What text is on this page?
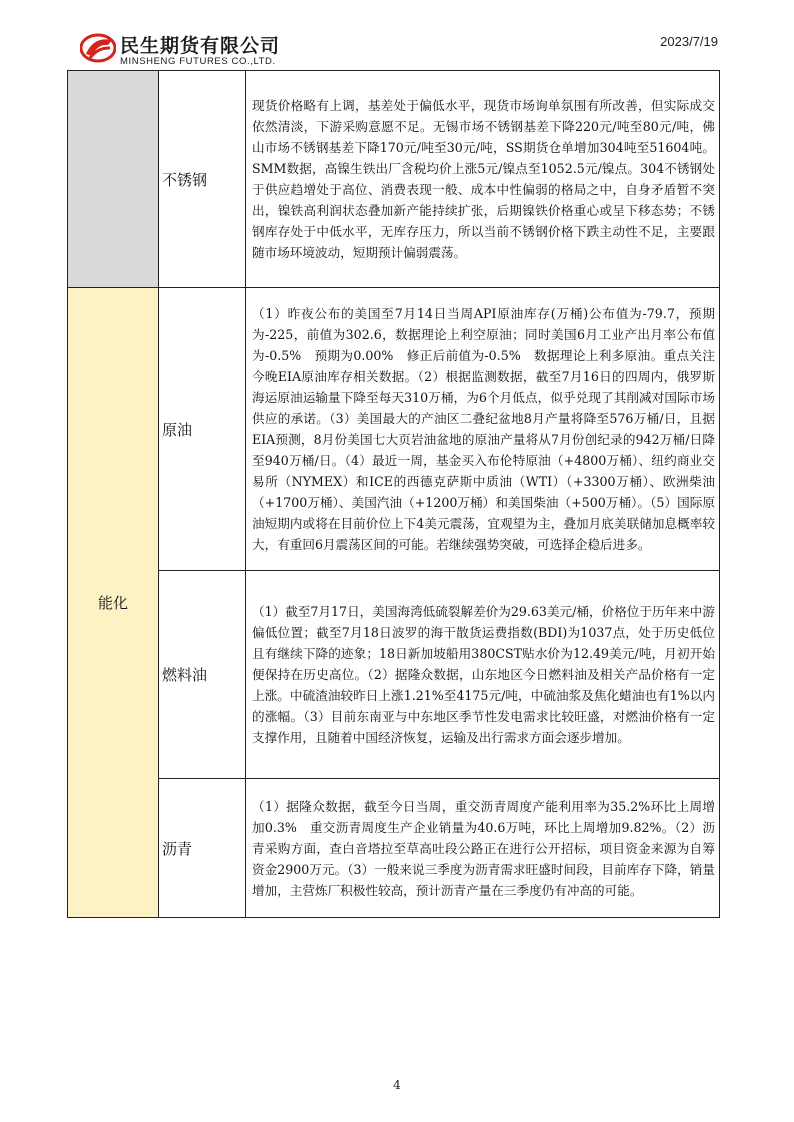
民生期货有限公司
MINSHENG FUTURES CO.,LTD.
2023/7/19
	不锈钢	现货价格略有上调，基差处于偏低水平，现货市场询单氛围有所改善，但实际成交依然清淡，下游采购意愿不足。无锡市场不锈钢基差下降220元/吨至80元/吨，佛山市场不锈钢基差下降170元/吨至30元/吨，SS期货仓单增加304吨至51604吨。SMM数据，高镍生铁出厂含税均价上涨5元/镍点至1052.5元/镍点。304不锈钢处于供应趋增处于高位、消费表现一般、成本中性偏弱的格局之中，自身矛盾暂不突出，镍铁高利润状态叠加新产能持续扩张，后期镍铁价格重心或呈下移态势；不锈钢库存处于中低水平，无库存压力，所以当前不锈钢价格下跌主动性不足，主要跟随市场环境波动，短期预计偏弱震荡。

能化	原油	（1）昨夜公布的美国至7月14日当周API原油库存(万桶)公布值为-79.7，预期为-225，前值为302.6，数据理论上利空原油；同时美国6月工业产出月率公布值为-0.5%　预期为0.00%　修正后前值为-0.5%　数据理论上利多原油。重点关注今晚EIA原油库存相关数据。（2）根据监测数据，截至7月16日的四周内，俄罗斯海运原油运输量下降至每天310万桶，为6个月低点，似乎兑现了其削减对国际市场供应的承诺。（3）美国最大的产油区二叠纪盆地8月产量将降至576万桶/日，且据EIA预测，8月份美国七大页岩油盆地的原油产量将从7月份创纪录的942万桶/日降至940万桶/日。（4）最近一周，基金买入布伦特原油（+4800万桶）、纽约商业交易所（NYMEX）和ICE的西德克萨斯中质油（WTI）（+3300万桶）、欧洲柴油（+1700万桶）、美国汽油（+1200万桶）和美国柴油（+500万桶）。（5）国际原油短期内或将在目前价位上下4美元震荡，宜观望为主，叠加月底美联储加息概率较大，有重回6月震荡区间的可能。若继续强势突破，可选择企稳后进多。

	燃料油	（1）截至7月17日，美国海湾低硫裂解差价为29.63美元/桶，价格位于历年来中游偏低位置；截至7月18日波罗的海干散货运费指数(BDI)为1037点，处于历史低位且有继续下降的迹象；18日新加坡船用380CST贴水价为12.49美元/吨，月初开始便保持在历史高位。（2）据隆众数据，山东地区今日燃料油及相关产品价格有一定上涨。中硫渣油较昨日上涨1.21%至4175元/吨，中硫油浆及焦化蜡油也有1%以内的涨幅。（3）目前东南亚与中东地区季节性发电需求比较旺盛，对燃油价格有一定支撑作用，且随着中国经济恢复，运输及出行需求方面会逐步增加。

	沥青	（1）据隆众数据，截至今日当周，重交沥青周度产能利用率为35.2%环比上周增加0.3%　重交沥青周度生产企业销量为40.6万吨，环比上周增加9.82%。（2）沥青采购方面，查白音塔拉至草高吐段公路正在进行公开招标，项目资金来源为自筹资金2900万元。（3）一般来说三季度为沥青需求旺盛时间段，目前库存下降，销量增加，主营炼厂积极性较高，预计沥青产量在三季度仍有冲高的可能。

4
